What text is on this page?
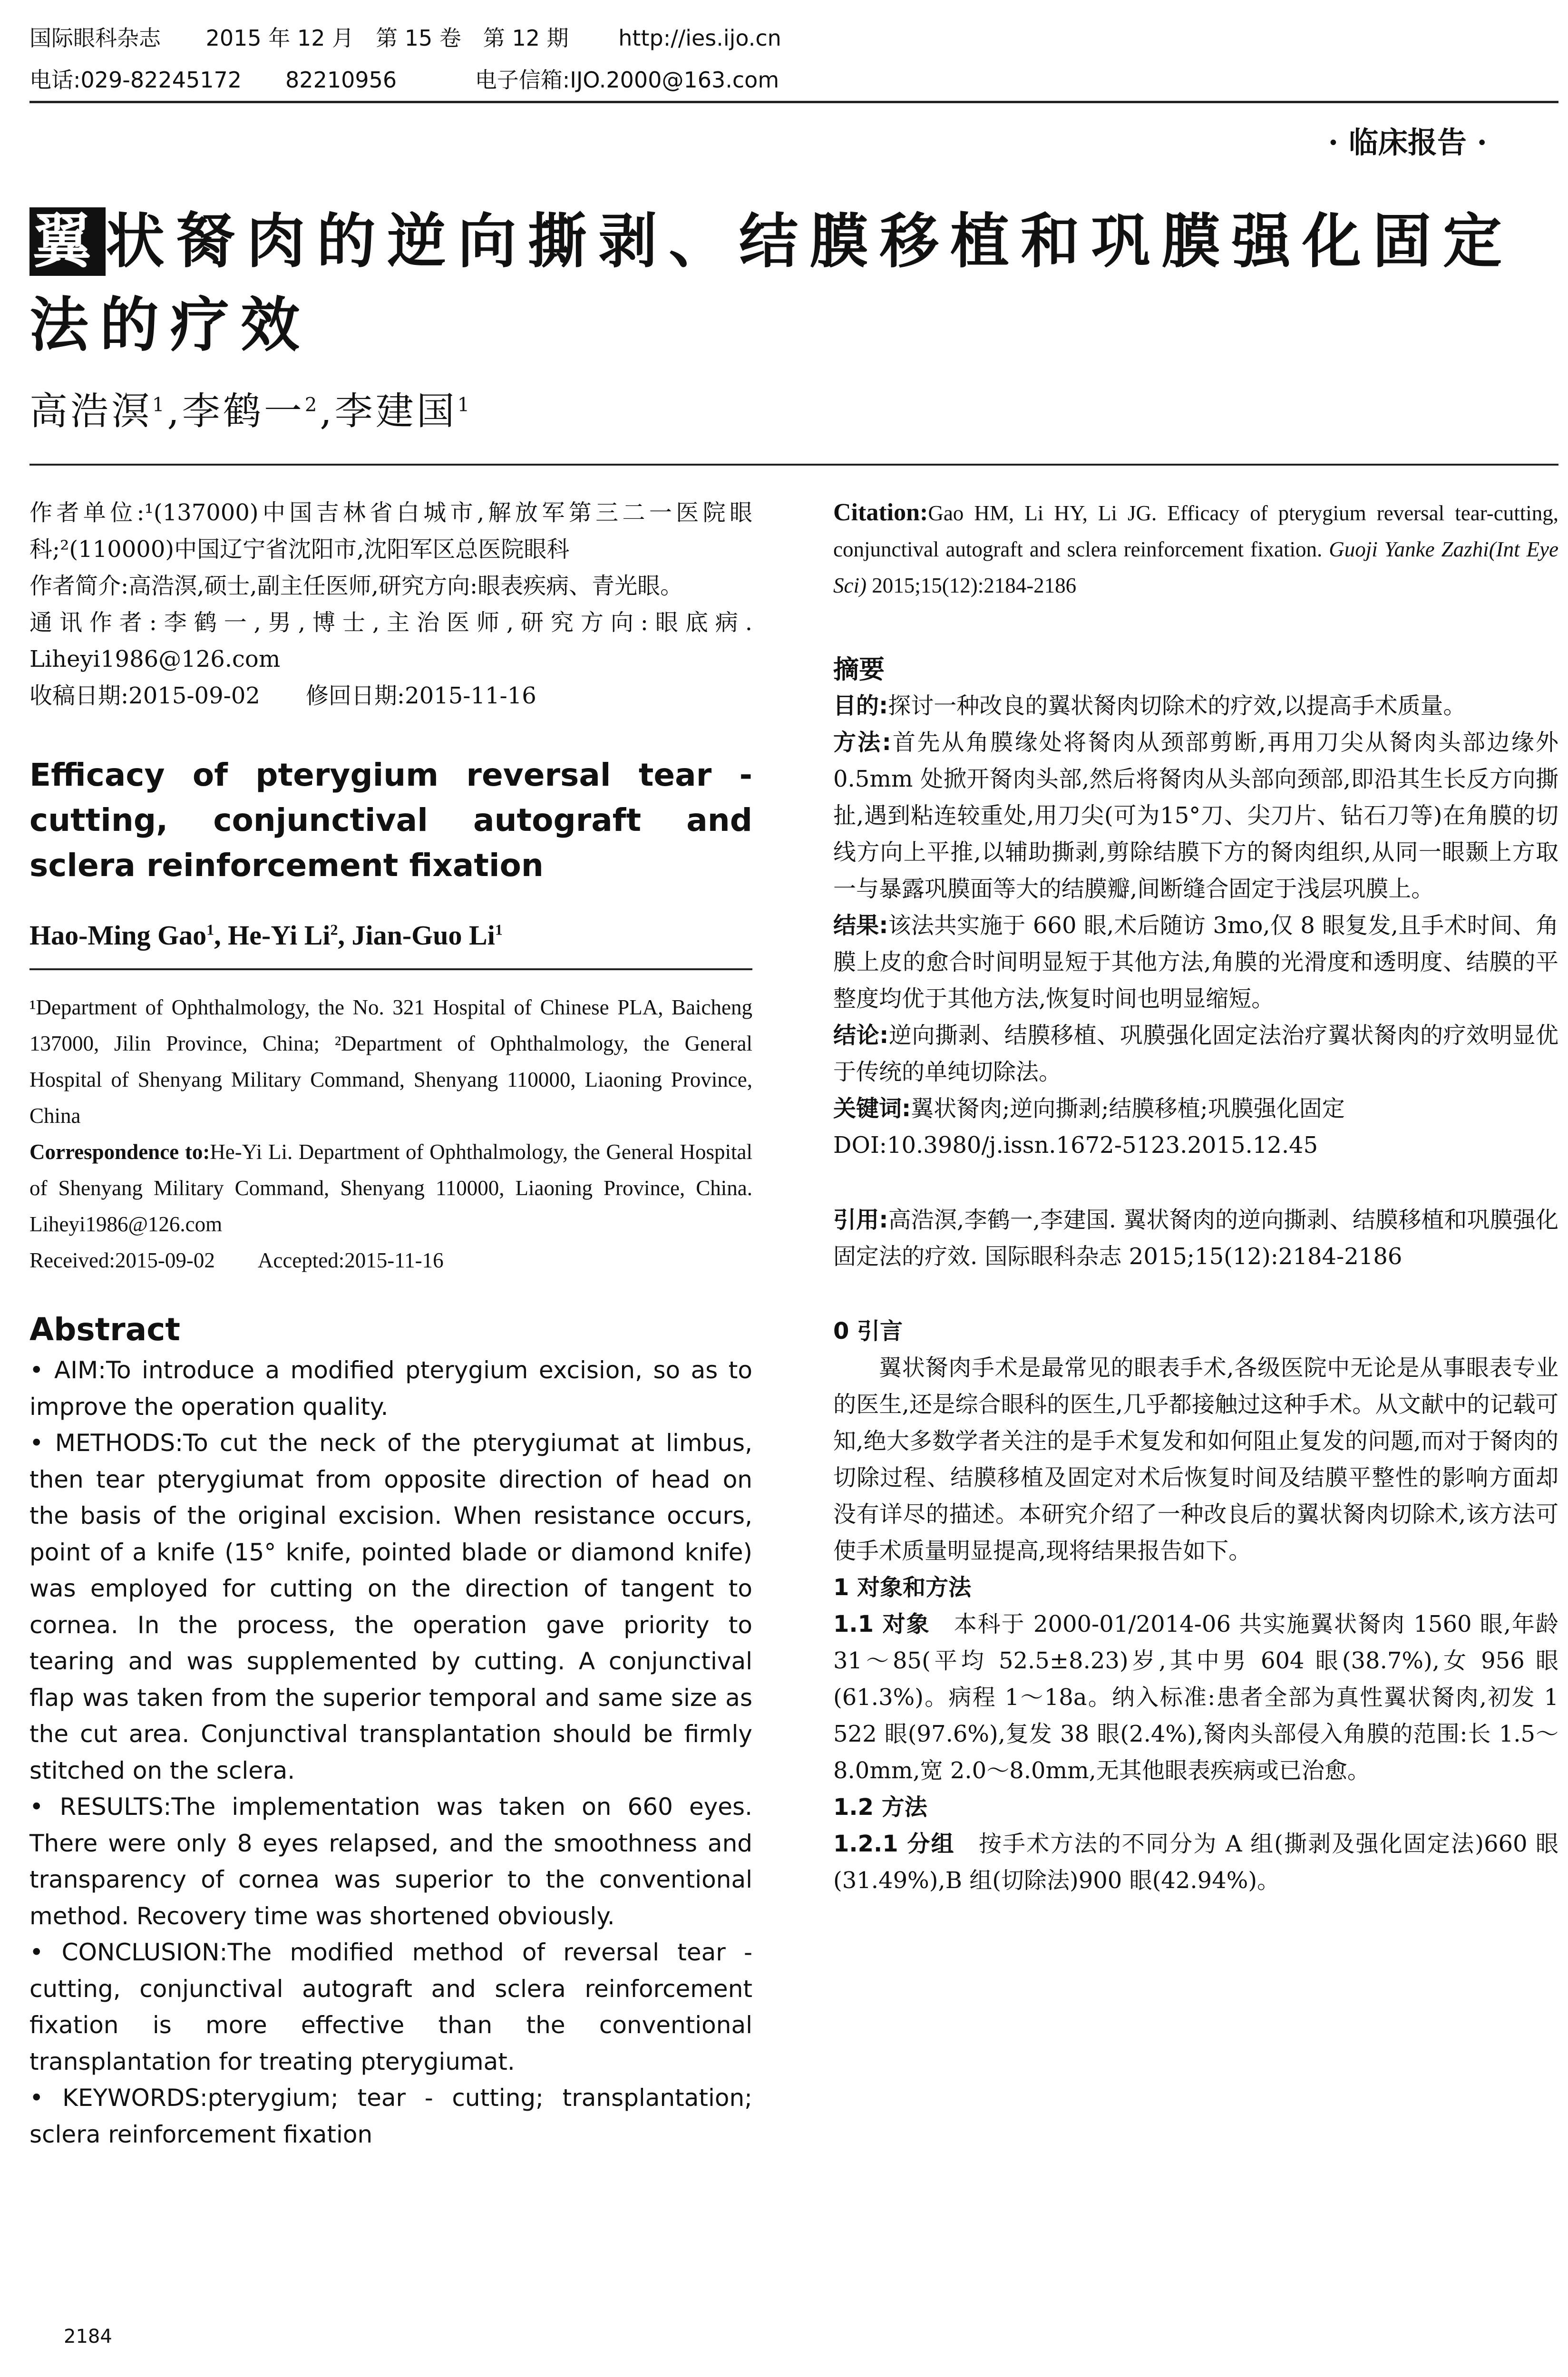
国际眼科杂志 2015 年 12 月　第 15 卷　第 12 期 http://ies.ijo.cn
电话:029-82245172　　82210956	电子信箱:IJO.2000@163.com
· 临床报告 ·
翼状胬肉的逆向撕剥、结膜移植和巩膜强化固定法的疗效
高浩溟$^1$,李鹤一$^2$,李建国$^1$

作者单位:¹(137000)中国吉林省白城市,解放军第三二一医院眼科;²(110000)中国辽宁省沈阳市,沈阳军区总医院眼科

作者简介:高浩溟,硕士,副主任医师,研究方向:眼表疾病、青光眼。

通讯作者:李鹤一,男,博士,主治医师,研究方向:眼底病. Liheyi1986@126.com

收稿日期:2015-09-02　　修回日期:2015-11-16

Efficacy of pterygium reversal tear - cutting, conjunctival autograft and sclera reinforcement fixation

Hao-Ming Gao$^1$, He-Yi Li$^2$, Jian-Guo Li$^1$

¹Department of Ophthalmology, the No. 321 Hospital of Chinese PLA, Baicheng 137000, Jilin Province, China; ²Department of Ophthalmology, the General Hospital of Shenyang Military Command, Shenyang 110000, Liaoning Province, China

Correspondence to:He-Yi Li. Department of Ophthalmology, the General Hospital of Shenyang Military Command, Shenyang 110000, Liaoning Province, China. Liheyi1986@126.com

Received:2015-09-02　　Accepted:2015-11-16

Abstract

• AIM:To introduce a modified pterygium excision, so as to improve the operation quality.

• METHODS:To cut the neck of the pterygiumat at limbus, then tear pterygiumat from opposite direction of head on the basis of the original excision. When resistance occurs, point of a knife (15° knife, pointed blade or diamond knife) was employed for cutting on the direction of tangent to cornea. In the process, the operation gave priority to tearing and was supplemented by cutting. A conjunctival flap was taken from the superior temporal and same size as the cut area. Conjunctival transplantation should be firmly stitched on the sclera.

• RESULTS:The implementation was taken on 660 eyes. There were only 8 eyes relapsed, and the smoothness and transparency of cornea was superior to the conventional method. Recovery time was shortened obviously.

• CONCLUSION:The modified method of reversal tear - cutting, conjunctival autograft and sclera reinforcement fixation is more effective than the conventional transplantation for treating pterygiumat.

• KEYWORDS:pterygium; tear - cutting; transplantation; sclera reinforcement fixation

Citation:Gao HM, Li HY, Li JG. Efficacy of pterygium reversal tear-cutting, conjunctival autograft and sclera reinforcement fixation. Guoji Yanke Zazhi(Int Eye Sci) 2015;15(12):2184-2186

摘要

目的:探讨一种改良的翼状胬肉切除术的疗效,以提高手术质量。

方法:首先从角膜缘处将胬肉从颈部剪断,再用刀尖从胬肉头部边缘外 0.5mm 处掀开胬肉头部,然后将胬肉从头部向颈部,即沿其生长反方向撕扯,遇到粘连较重处,用刀尖(可为15°刀、尖刀片、钻石刀等)在角膜的切线方向上平推,以辅助撕剥,剪除结膜下方的胬肉组织,从同一眼颞上方取一与暴露巩膜面等大的结膜瓣,间断缝合固定于浅层巩膜上。

结果:该法共实施于 660 眼,术后随访 3mo,仅 8 眼复发,且手术时间、角膜上皮的愈合时间明显短于其他方法,角膜的光滑度和透明度、结膜的平整度均优于其他方法,恢复时间也明显缩短。

结论:逆向撕剥、结膜移植、巩膜强化固定法治疗翼状胬肉的疗效明显优于传统的单纯切除法。

关键词:翼状胬肉;逆向撕剥;结膜移植;巩膜强化固定

DOI:10.3980/j.issn.1672-5123.2015.12.45

引用:高浩溟,李鹤一,李建国. 翼状胬肉的逆向撕剥、结膜移植和巩膜强化固定法的疗效. 国际眼科杂志 2015;15(12):2184-2186

0 引言

翼状胬肉手术是最常见的眼表手术,各级医院中无论是从事眼表专业的医生,还是综合眼科的医生,几乎都接触过这种手术。从文献中的记载可知,绝大多数学者关注的是手术复发和如何阻止复发的问题,而对于胬肉的切除过程、结膜移植及固定对术后恢复时间及结膜平整性的影响方面却没有详尽的描述。本研究介绍了一种改良后的翼状胬肉切除术,该方法可使手术质量明显提高,现将结果报告如下。

1 对象和方法

1.1 对象　 本科于 2000-01/2014-06 共实施翼状胬肉 1560 眼,年龄 31～85(平均 52.5±8.23)岁,其中男 604 眼(38.7%),女 956 眼(61.3%)。病程 1～18a。纳入标准:患者全部为真性翼状胬肉,初发 1 522 眼(97.6%),复发 38 眼(2.4%),胬肉头部侵入角膜的范围:长 1.5～8.0mm,宽 2.0～8.0mm,无其他眼表疾病或已治愈。

1.2 方法

1.2.1 分组　 按手术方法的不同分为 A 组(撕剥及强化固定法)660 眼(31.49%),B 组(切除法)900 眼(42.94%)。

2184
